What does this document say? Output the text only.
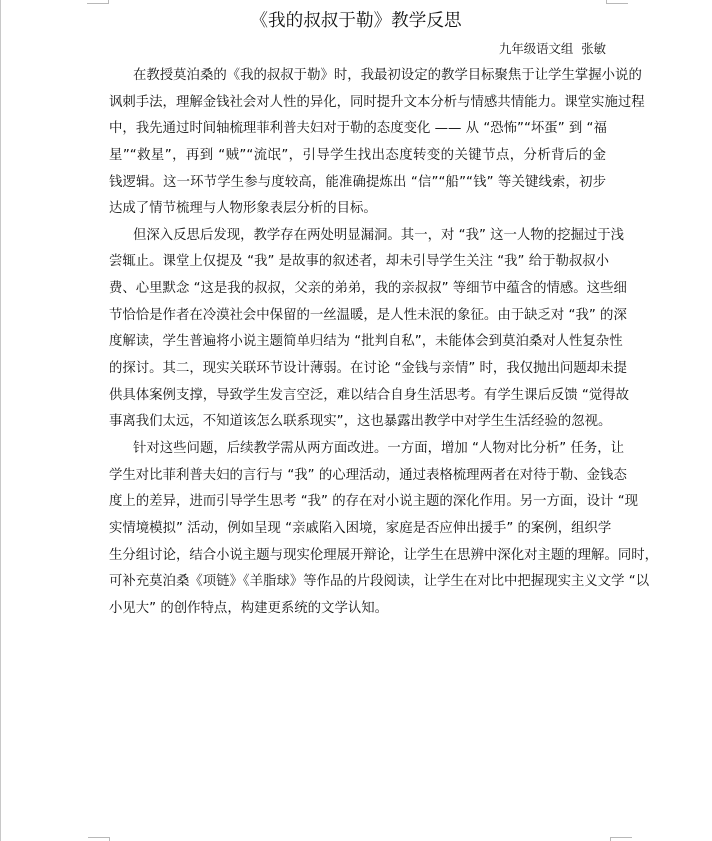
《我的叔叔于勒》教学反思
九年级语文组  张敏
在教授莫泊桑的《我的叔叔于勒》时，我最初设定的教学目标聚焦于让学生掌握小说的
讽刺手法，理解金钱社会对人性的异化，同时提升文本分析与情感共情能力。课堂实施过程
中，我先通过时间轴梳理菲利普夫妇对于勒的态度变化 —— 从 “恐怖”“坏蛋” 到 “福
星”“救星”，再到 “贼”“流氓”，引导学生找出态度转变的关键节点，分析背后的金
钱逻辑。这一环节学生参与度较高，能准确提炼出 “信”“船”“钱” 等关键线索，初步
达成了情节梳理与人物形象表层分析的目标。
但深入反思后发现，教学存在两处明显漏洞。其一，对 “我” 这一人物的挖掘过于浅
尝辄止。课堂上仅提及 “我” 是故事的叙述者，却未引导学生关注 “我” 给于勒叔叔小
费、心里默念 “这是我的叔叔，父亲的弟弟，我的亲叔叔” 等细节中蕴含的情感。这些细
节恰恰是作者在冷漠社会中保留的一丝温暖，是人性未泯的象征。由于缺乏对 “我” 的深
度解读，学生普遍将小说主题简单归结为 “批判自私”，未能体会到莫泊桑对人性复杂性
的探讨。其二，现实关联环节设计薄弱。在讨论 “金钱与亲情” 时，我仅抛出问题却未提
供具体案例支撑，导致学生发言空泛，难以结合自身生活思考。有学生课后反馈 “觉得故
事离我们太远，不知道该怎么联系现实”，这也暴露出教学中对学生生活经验的忽视。
针对这些问题，后续教学需从两方面改进。一方面，增加 “人物对比分析” 任务，让
学生对比菲利普夫妇的言行与 “我” 的心理活动，通过表格梳理两者在对待于勒、金钱态
度上的差异，进而引导学生思考 “我” 的存在对小说主题的深化作用。另一方面，设计 “现
实情境模拟” 活动，例如呈现 “亲戚陷入困境，家庭是否应伸出援手” 的案例，组织学
生分组讨论，结合小说主题与现实伦理展开辩论，让学生在思辨中深化对主题的理解。同时，
可补充莫泊桑《项链》《羊脂球》等作品的片段阅读，让学生在对比中把握现实主义文学 “以
小见大” 的创作特点，构建更系统的文学认知。
